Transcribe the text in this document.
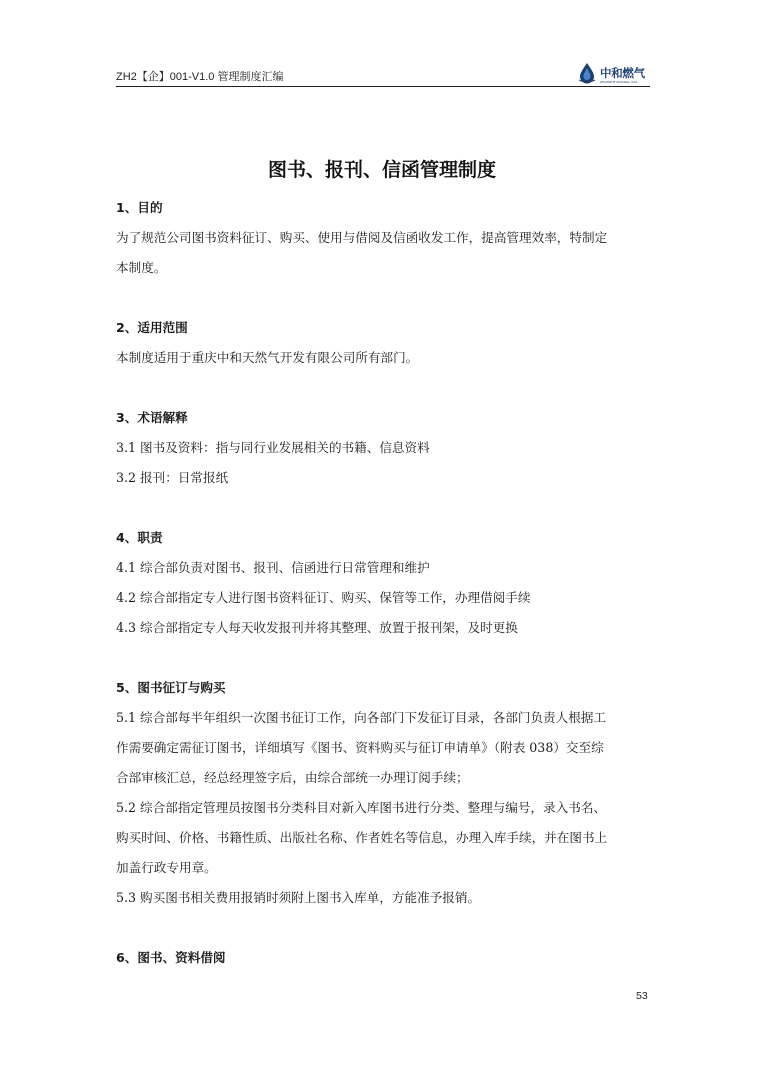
ZH2【企】001-V1.0 管理制度汇编	中和燃气
ZHONGHE NATURAL GAS
图书、报刊、信函管理制度
1、目的
为了规范公司图书资料征订、购买、使用与借阅及信函收发工作，提高管理效率，特制定
本制度。
2、适用范围
本制度适用于重庆中和天然气开发有限公司所有部门。
3、术语解释
3.1 图书及资料：指与同行业发展相关的书籍、信息资料
3.2 报刊：日常报纸
4、职责
4.1 综合部负责对图书、报刊、信函进行日常管理和维护
4.2 综合部指定专人进行图书资料征订、购买、保管等工作，办理借阅手续
4.3 综合部指定专人每天收发报刊并将其整理、放置于报刊架，及时更换
5、图书征订与购买
5.1 综合部每半年组织一次图书征订工作，向各部门下发征订目录，各部门负责人根据工
作需要确定需征订图书，详细填写《图书、资料购买与征订申请单》（附表 038）交至综
合部审核汇总，经总经理签字后，由综合部统一办理订阅手续；
5.2 综合部指定管理员按图书分类科目对新入库图书进行分类、整理与编号，录入书名、
购买时间、价格、书籍性质、出版社名称、作者姓名等信息，办理入库手续，并在图书上
加盖行政专用章。
5.3 购买图书相关费用报销时须附上图书入库单，方能准予报销。
6、图书、资料借阅
53
